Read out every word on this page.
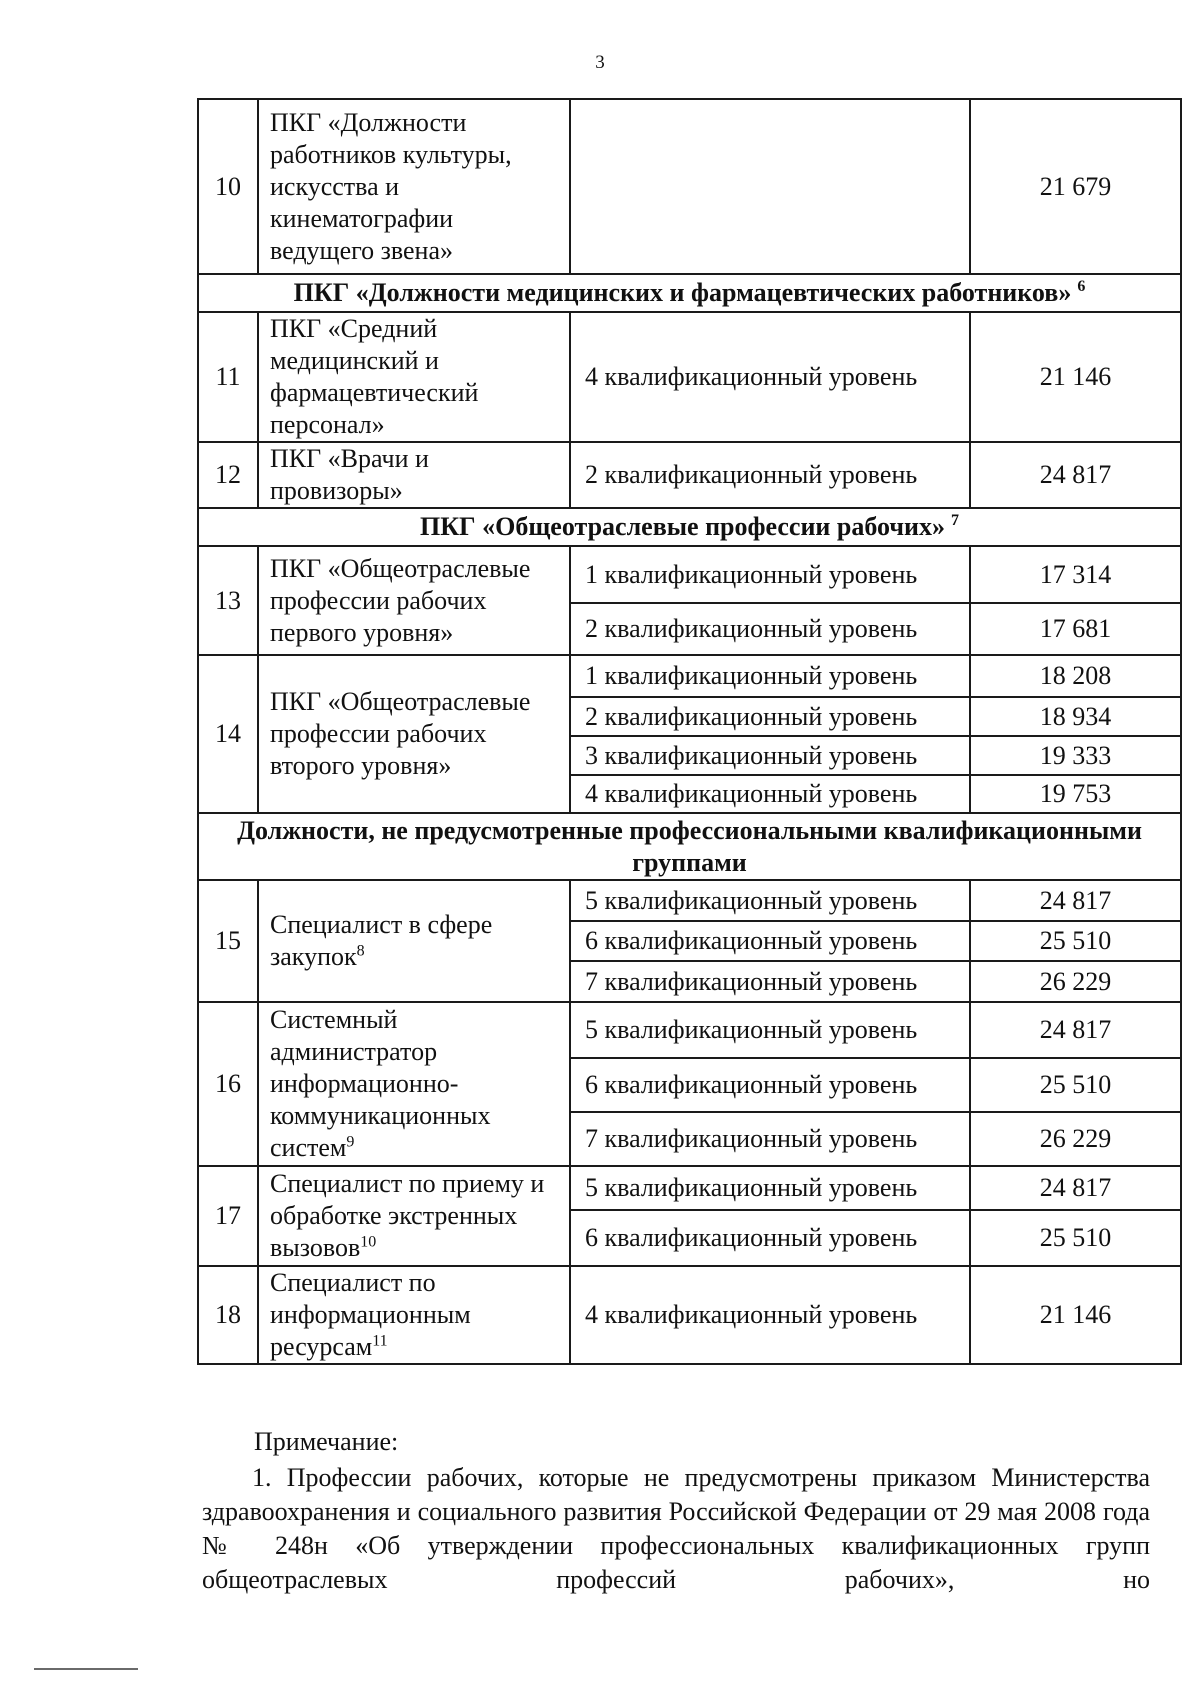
3
10	ПКГ «Должности работников культуры, искусства и кинематографии ведущего звена»		21 679
ПКГ «Должности медицинских и фармацевтических работников» $^6$
11	ПКГ «Средний медицинский и фармацевтический персонал»	4 квалификационный уровень	21 146
12	ПКГ «Врачи и провизоры»	2 квалификационный уровень	24 817
ПКГ «Общеотраслевые профессии рабочих» $^7$
13	ПКГ «Общеотраслевые профессии рабочих первого уровня»	1 квалификационный уровень	17 314
		2 квалификационный уровень	17 681
14	ПКГ «Общеотраслевые профессии рабочих второго уровня»	1 квалификационный уровень	18 208
		2 квалификационный уровень	18 934
		3 квалификационный уровень	19 333
		4 квалификационный уровень	19 753
Должности, не предусмотренные профессиональными квалификационными группами			
15	Специалист в сфере закупок$^8$	5 квалификационный уровень	24 817
		6 квалификационный уровень	25 510
		7 квалификационный уровень	26 229
16	Системный администратор информационно-коммуникационных систем$^9$	5 квалификационный уровень	24 817
		6 квалификационный уровень	25 510
		7 квалификационный уровень	26 229
17	Специалист по приему и обработке экстренных вызовов$^{10}$	5 квалификационный уровень	24 817
		6 квалификационный уровень	25 510
18	Специалист по информационным ресурсам$^{11}$	4 квалификационный уровень	21 146

Примечание:

1. Профессии рабочих, которые не предусмотрены приказом Министерства здравоохранения и социального развития Российской Федерации от 29 мая 2008 года № 248н «Об утверждении профессиональных квалификационных групп общеотраслевых профессий рабочих», но
